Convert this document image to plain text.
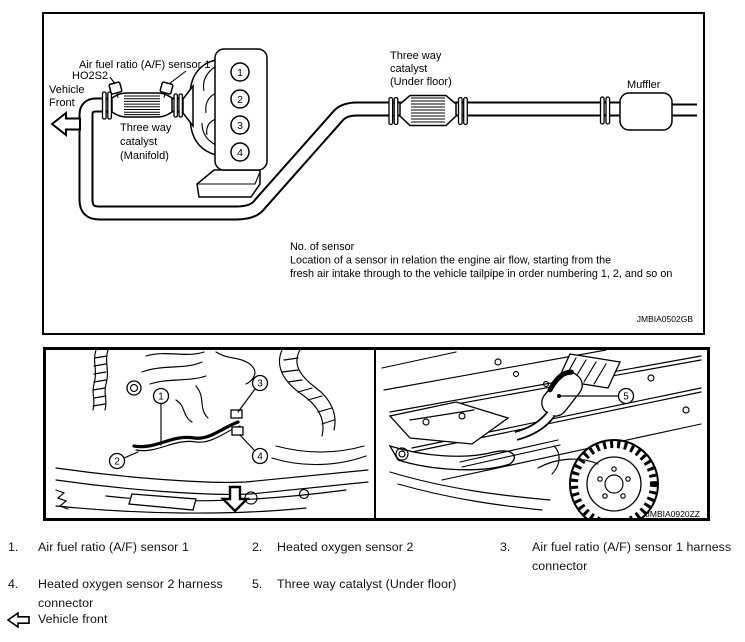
1
2
3
4
Air fuel ratio (A/F) sensor 1
HO2S2
Vehicle
Front
Three way
catalyst
(Manifold)
Three way
catalyst
(Under floor)	Muffler
No. of sensor
Location of a sensor in relation the engine air flow, starting from the
fresh air intake through to the vehicle tailpipe in order numbering 1, 2, and so on
JMBIA0502GB
1
2
3
4
5
JMBIA0920ZZ
1. Air fuel ratio (A/F) sensor 1	2. Heated oxygen sensor 2	3. Air fuel ratio (A/F) sensor 1 harness connector
4. Heated oxygen sensor 2 harness connector
5. Three way catalyst (Under floor)
Vehicle front
